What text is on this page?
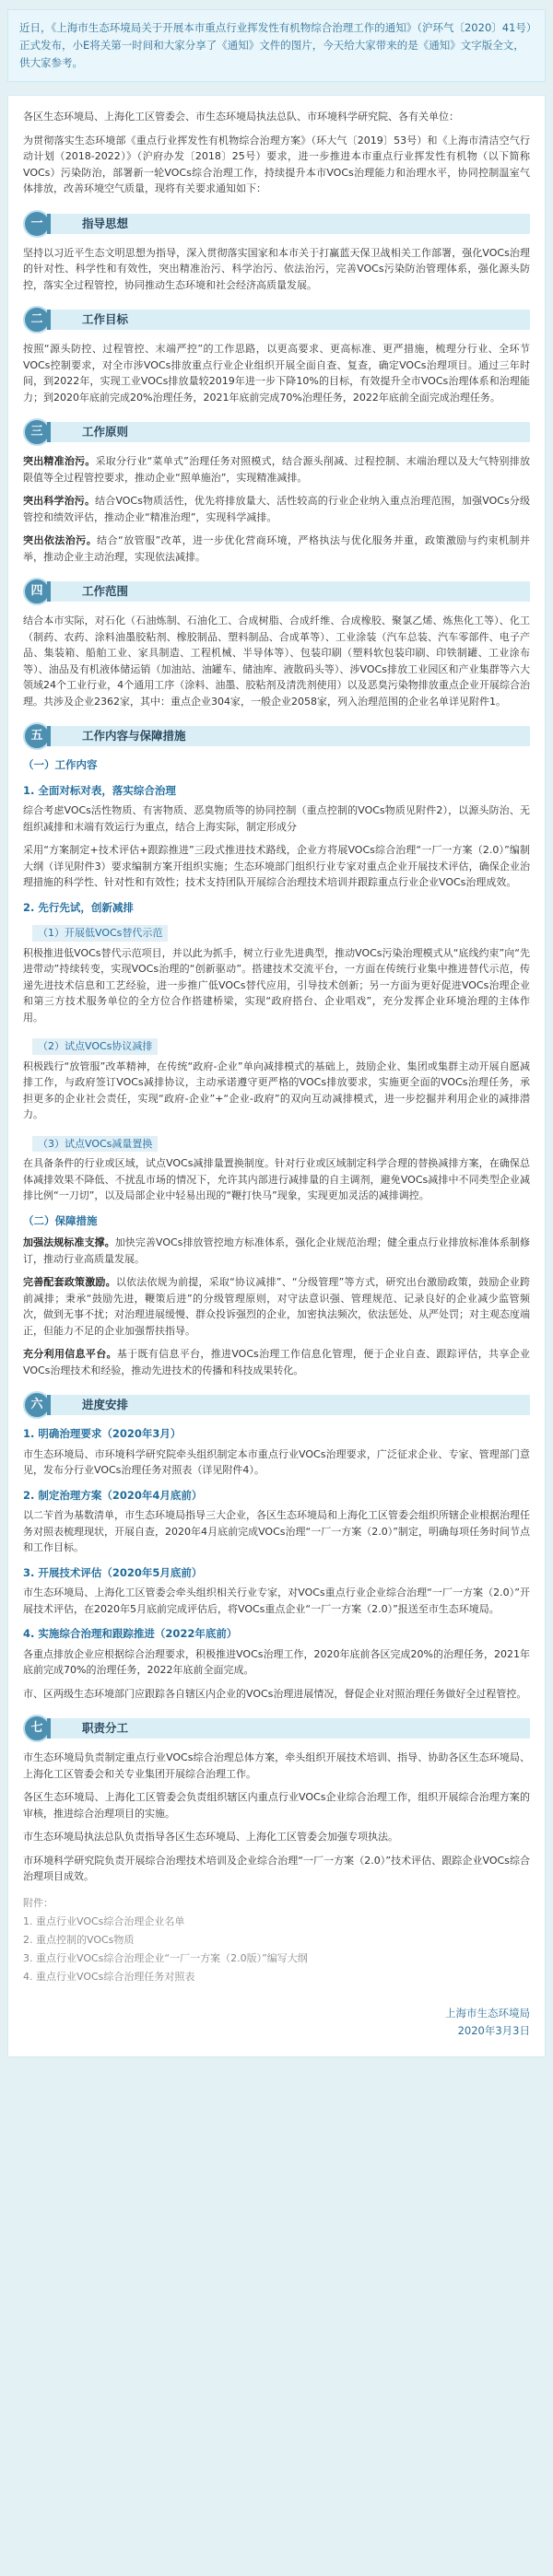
近日，《上海市生态环境局关于开展本市重点行业挥发性有机物综合治理工作的通知》（沪环气〔2020〕41号）正式发布，小E将关第一时间和大家分享了《通知》文件的图片，今天给大家带来的是《通知》文字版全文，供大家参考。

各区生态环境局、上海化工区管委会、市生态环境局执法总队、市环境科学研究院、各有关单位：

为贯彻落实生态环境部《重点行业挥发性有机物综合治理方案》（环大气〔2019〕53号）和《上海市清洁空气行动计划（2018-2022）》（沪府办发〔2018〕25号）要求，进一步推进本市重点行业挥发性有机物（以下简称VOCs）污染防治，部署新一轮VOCs综合治理工作，持续提升本市VOCs治理能力和治理水平，协同控制温室气体排放，改善环境空气质量，现将有关要求通知如下：

一	指导思想

坚持以习近平生态文明思想为指导，深入贯彻落实国家和本市关于打赢蓝天保卫战相关工作部署，强化VOCs治理的针对性、科学性和有效性，突出精准治污、科学治污、依法治污，完善VOCs污染防治管理体系，强化源头防控，落实全过程管控，协同推动生态环境和社会经济高质量发展。

二	工作目标

按照“源头防控、过程管控、末端严控”的工作思路，以更高要求、更高标准、更严措施，梳理分行业、全环节VOCs控制要求，对全市涉VOCs排放重点行业企业组织开展全面自查、复查，确定VOCs治理项目。通过三年时间，到2022年，实现工业VOCs排放量较2019年进一步下降10%的目标，有效提升全市VOCs治理体系和治理能力；到2020年底前完成20%治理任务，2021年底前完成70%治理任务，2022年底前全面完成治理任务。

三	工作原则

突出精准治污。采取分行业“菜单式”治理任务对照模式，结合源头削减、过程控制、末端治理以及大气特别排放限值等全过程管控要求，推动企业“照单施治”，实现精准减排。

突出科学治污。结合VOCs物质活性，优先将排放量大、活性较高的行业企业纳入重点治理范围，加强VOCs分级管控和绩效评估，推动企业“精准治理”，实现科学减排。

突出依法治污。结合“放管服”改革，进一步优化营商环境，严格执法与优化服务并重，政策激励与约束机制并举，推动企业主动治理，实现依法减排。

四	工作范围

结合本市实际，对石化（石油炼制、石油化工、合成树脂、合成纤维、合成橡胶、聚氯乙烯、炼焦化工等）、化工（制药、农药、涂料油墨胶粘剂、橡胶制品、塑料制品、合成革等）、工业涂装（汽车总装、汽车零部件、电子产品、集装箱、船舶工业、家具制造、工程机械、半导体等）、包装印刷（塑料软包装印刷、印铁制罐、工业涂布等）、油品及有机液体储运销（加油站、油罐车、储油库、液散码头等）、涉VOCs排放工业园区和产业集群等六大领域24个工业行业，4个通用工序（涂料、油墨、胶粘剂及清洗剂使用）以及恶臭污染物排放重点企业开展综合治理。共涉及企业2362家，其中：重点企业304家，一般企业2058家，列入治理范围的企业名单详见附件1。

五	工作内容与保障措施
（一）工作内容
1. 全面对标对表，落实综合治理

综合考虑VOCs活性物质、有害物质、恶臭物质等的协同控制（重点控制的VOCs物质见附件2），以源头防治、无组织减排和末端有效运行为重点，结合上海实际，制定形成分

采用“方案制定+技术评估+跟踪推进”三段式推进技术路线，企业方将展VOCs综合治理“一厂一方案（2.0）”编制大纲（详见附件3）要求编制方案开组织实施；生态环境部门组织行业专家对重点企业开展技术评估，确保企业治理措施的科学性、针对性和有效性；技术支持团队开展综合治理技术培训并跟踪重点行业企业VOCs治理成效。

2. 先行先试，创新减排
（1）开展低VOCs替代示范

积极推进低VOCs替代示范项目，并以此为抓手，树立行业先进典型，推动VOCs污染治理模式从“底线约束”向“先进带动”持续转变，实现VOCs治理的“创新驱动”。搭建技术交流平台，一方面在传统行业集中推进替代示范，传递先进技术信息和工艺经验，进一步推广低VOCs替代应用，引导技术创新；另一方面为更好促进VOCs治理企业和第三方技术服务单位的全方位合作搭建桥梁，实现“政府搭台、企业唱戏”，充分发挥企业环境治理的主体作用。

（2）试点VOCs协议减排

积极践行“放管服”改革精神，在传统“政府-企业”单向减排模式的基础上，鼓励企业、集团或集群主动开展自愿减排工作，与政府签订VOCs减排协议，主动承诺遵守更严格的VOCs排放要求，实施更全面的VOCs治理任务，承担更多的企业社会责任，实现“政府-企业”+“企业-政府”的双向互动减排模式，进一步挖掘并利用企业的减排潜力。

（3）试点VOCs减量置换

在具备条件的行业或区域，试点VOCs减排量置换制度。针对行业或区域制定科学合理的替换减排方案，在确保总体减排效果不降低、不扰乱市场的情况下，允许其内部进行减排量的自主调剂，避免VOCs减排中不同类型企业减排比例“一刀切”，以及局部企业中轻易出现的“鞭打快马”现象，实现更加灵活的减排调控。

（二）保障措施

加强法规标准支撑。加快完善VOCs排放管控地方标准体系，强化企业规范治理；健全重点行业排放标准体系制修订，推动行业高质量发展。

完善配套政策激励。以依法依规为前提，采取“协议减排”、“分级管理”等方式，研究出台激励政策，鼓励企业跨前减排；秉承“鼓励先进，鞭策后进”的分级管理原则，对守法意识强、管理规范、记录良好的企业减少监管频次，做到无事不扰；对治理进展缓慢、群众投诉强烈的企业，加密执法频次，依法惩处、从严处罚；对主观态度端正，但能力不足的企业加强帮扶指导。

充分利用信息平台。基于既有信息平台，推进VOCs治理工作信息化管理，便于企业自查、跟踪评估，共享企业VOCs治理技术和经验，推动先进技术的传播和科技成果转化。

六	进度安排
1. 明确治理要求（2020年3月）

市生态环境局、市环境科学研究院牵头组织制定本市重点行业VOCs治理要求，广泛征求企业、专家、管理部门意见，发布分行业VOCs治理任务对照表（详见附件4）。

2. 制定治理方案（2020年4月底前）

以二苄首为基数清单，市生态环境局指导三大企业，各区生态环境局和上海化工区管委会组织所辖企业根据治理任务对照表梳理现状，开展自查，2020年4月底前完成VOCs治理“一厂一方案（2.0）”制定，明确每项任务时间节点和工作目标。

3. 开展技术评估（2020年5月底前）

市生态环境局、上海化工区管委会牵头组织相关行业专家，对VOCs重点行业企业综合治理“一厂一方案（2.0）”开展技术评估，在2020年5月底前完成评估后，将VOCs重点企业“一厂一方案（2.0）”报送至市生态环境局。

4. 实施综合治理和跟踪推进（2022年底前）

各重点排放企业应根据综合治理要求，积极推进VOCs治理工作，2020年底前各区完成20%的治理任务，2021年底前完成70%的治理任务，2022年底前全面完成。

市、区两级生态环境部门应跟踪各自辖区内企业的VOCs治理进展情况，督促企业对照治理任务做好全过程管控。

七	职责分工

市生态环境局负责制定重点行业VOCs综合治理总体方案，牵头组织开展技术培训、指导、协助各区生态环境局、上海化工区管委会和关专业集团开展综合治理工作。

各区生态环境局、上海化工区管委会负责组织辖区内重点行业VOCs企业综合治理工作，组织开展综合治理方案的审核，推进综合治理项目的实施。

市生态环境局执法总队负责指导各区生态环境局、上海化工区管委会加强专项执法。

市环境科学研究院负责开展综合治理技术培训及企业综合治理“一厂一方案（2.0）”技术评估、跟踪企业VOCs综合治理项目成效。

附件：
1. 重点行业VOCs综合治理企业名单
2. 重点控制的VOCs物质
3. 重点行业VOCs综合治理企业“一厂一方案（2.0版）”编写大纲
4. 重点行业VOCs综合治理任务对照表
上海市生态环境局
2020年3月3日
